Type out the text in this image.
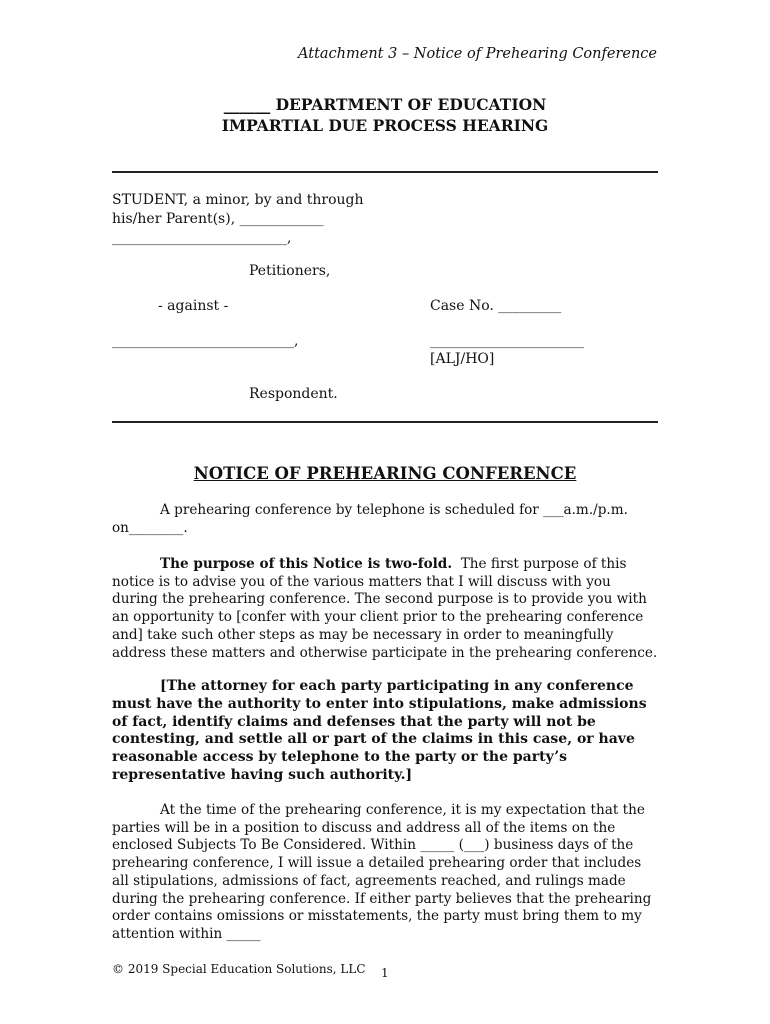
Attachment 3 – Notice of Prehearing Conference
______ DEPARTMENT OF EDUCATION
IMPARTIAL DUE PROCESS HEARING
STUDENT, a minor, by and through
his/her Parent(s), ____________
_________________________,
Petitioners,
- against -	Case No. _________
__________________________,	______________________
[ALJ/HO]
Respondent.
NOTICE OF PREHEARING CONFERENCE

A prehearing conference by telephone is scheduled for ___a.m./p.m.

on________.

The purpose of this Notice is two-fold. The first purpose of this notice is to advise you of the various matters that I will discuss with you during the prehearing conference. The second purpose is to provide you with an opportunity to [confer with your client prior to the prehearing conference and] take such other steps as may be necessary in order to meaningfully address these matters and otherwise participate in the prehearing conference.

[The attorney for each party participating in any conference must have the authority to enter into stipulations, make admissions of fact, identify claims and defenses that the party will not be contesting, and settle all or part of the claims in this case, or have reasonable access by telephone to the party or the party’s representative having such authority.]

At the time of the prehearing conference, it is my expectation that the parties will be in a position to discuss and address all of the items on the enclosed Subjects To Be Considered. Within _____ (___) business days of the prehearing conference, I will issue a detailed prehearing order that includes all stipulations, admissions of fact, agreements reached, and rulings made during the prehearing conference. If either party believes that the prehearing order contains omissions or misstatements, the party must bring them to my attention within _____

© 2019 Special Education Solutions, LLC 1
